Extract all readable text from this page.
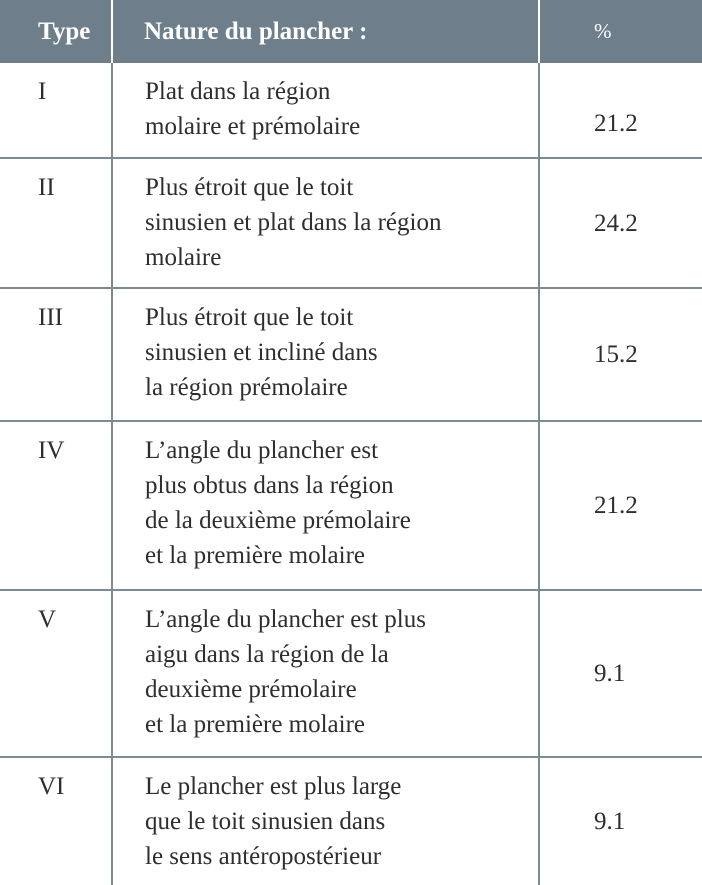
Type	Nature du plancher :	%
I	Plat dans la région
molaire et prémolaire	21.2
II	Plus étroit que le toit
sinusien et plat dans la région
molaire	24.2
III	Plus étroit que le toit
sinusien et incliné dans
la région prémolaire	15.2
IV	L’angle du plancher est
plus obtus dans la région
de la deuxième prémolaire
et la première molaire	21.2
V	L’angle du plancher est plus
aigu dans la région de la
deuxième prémolaire
et la première molaire	9.1
VI	Le plancher est plus large
que le toit sinusien dans
le sens antéropostérieur	9.1
